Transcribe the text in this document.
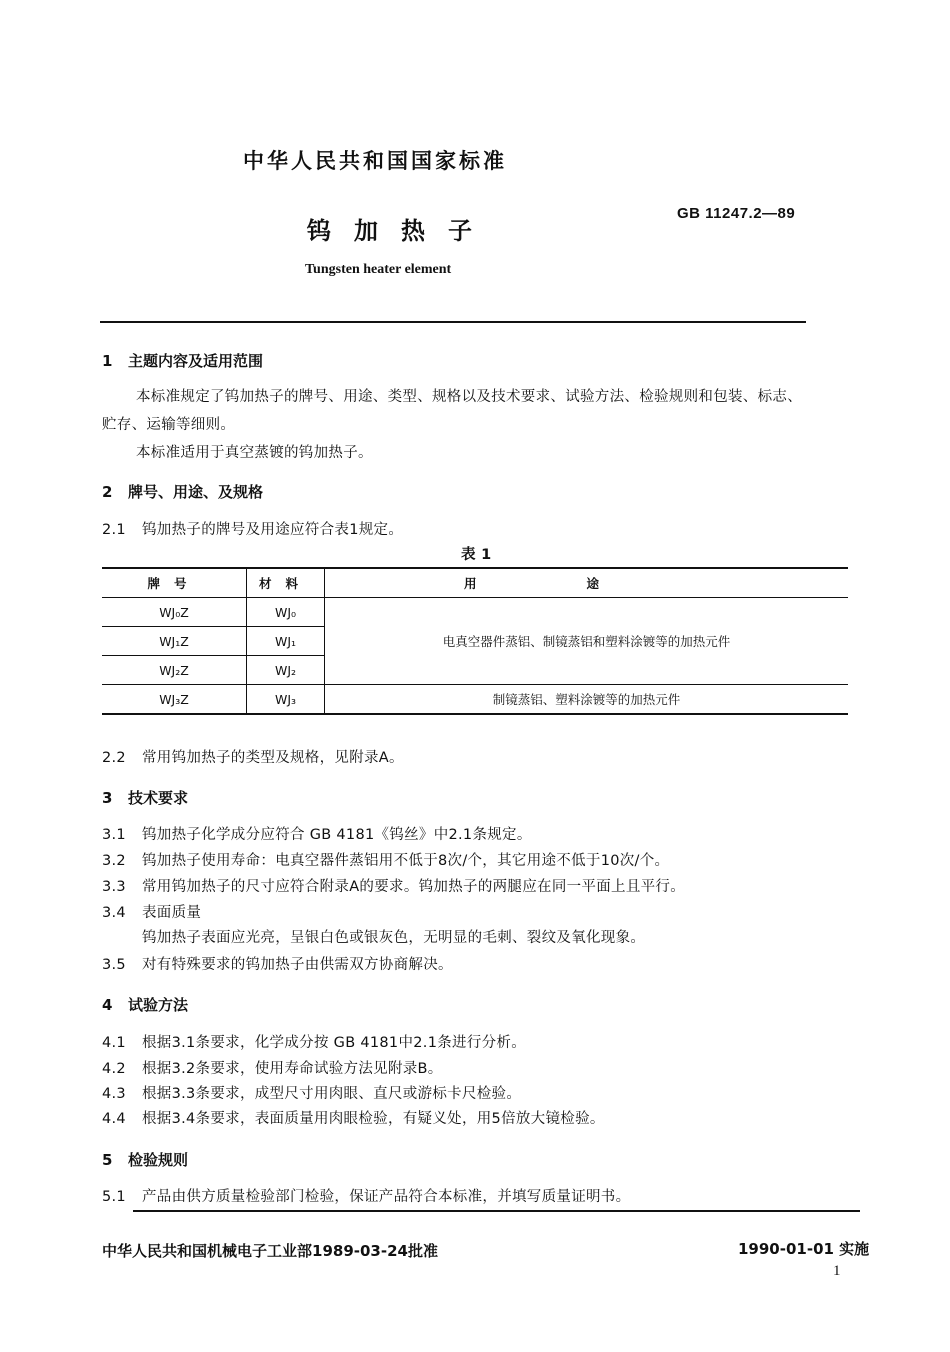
中华人民共和国国家标准
钨加热子
GB 11247.2—89
Tungsten heater element
1 主题内容及适用范围
本标准规定了钨加热子的牌号、用途、类型、规格以及技术要求、试验方法、检验规则和包装、标志、
贮存、运输等细则。
本标准适用于真空蒸镀的钨加热子。
2 牌号、用途、及规格
2.1 钨加热子的牌号及用途应符合表1规定。
表 1
牌号	材料	用途
WJ₀Z	WJ₀	电真空器件蒸铝、制镜蒸铝和塑料涂镀等的加热元件
WJ₁Z	WJ₁	
WJ₂Z	WJ₂	
WJ₃Z	WJ₃	制镜蒸铝、塑料涂镀等的加热元件
2.2 常用钨加热子的类型及规格，见附录A。
3 技术要求
3.1 钨加热子化学成分应符合 GB 4181《钨丝》中2.1条规定。
3.2 钨加热子使用寿命：电真空器件蒸铝用不低于8次/个，其它用途不低于10次/个。
3.3 常用钨加热子的尺寸应符合附录A的要求。钨加热子的两腿应在同一平面上且平行。
3.4 表面质量
钨加热子表面应光亮，呈银白色或银灰色，无明显的毛刺、裂纹及氧化现象。
3.5 对有特殊要求的钨加热子由供需双方协商解决。
4 试验方法
4.1 根据3.1条要求，化学成分按 GB 4181中2.1条进行分析。
4.2 根据3.2条要求，使用寿命试验方法见附录B。
4.3 根据3.3条要求，成型尺寸用肉眼、直尺或游标卡尺检验。
4.4 根据3.4条要求，表面质量用肉眼检验，有疑义处，用5倍放大镜检验。
5 检验规则
5.1 产品由供方质量检验部门检验，保证产品符合本标准，并填写质量证明书。
中华人民共和国机械电子工业部1989-03-24批准	1990-01-01 实施
1
